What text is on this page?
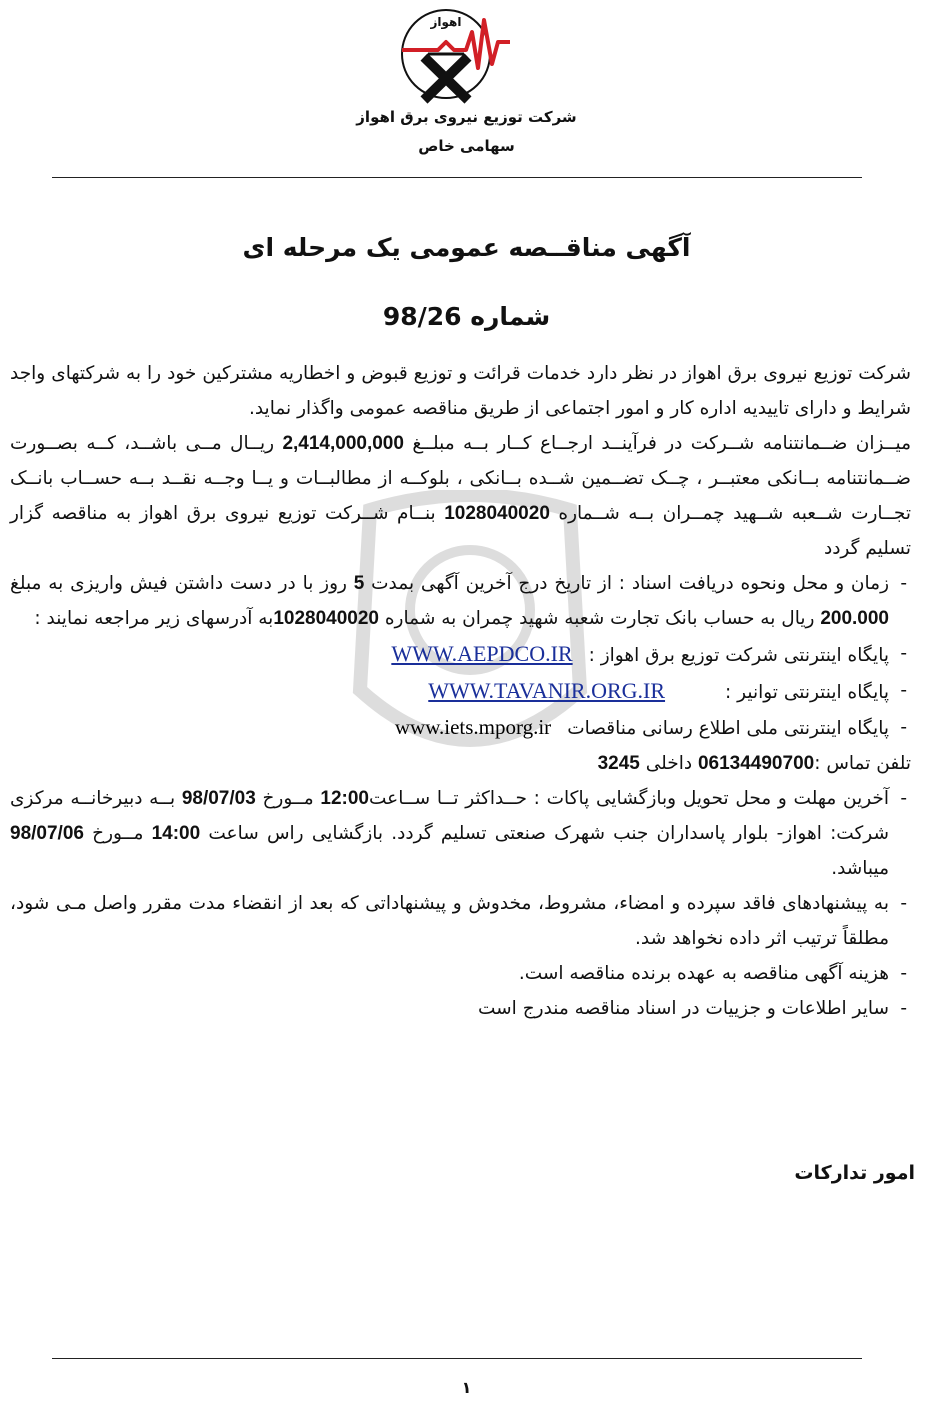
اهواز
شرکت توزیع نیروی برق اهواز
سهامی خاص
آگهی مناقــصه عمومی یک مرحله ای
شماره 98/26

شرکت توزیع نیروی برق اهواز در نظر دارد خدمات قرائت و توزیع قبوض و اخطاریه مشترکین خود را به شرکتهای واجد شرایط و دارای تاییدیه اداره کار و امور اجتماعی از طریق مناقصه عمومی واگذار نماید.

میــزان ضــمانتنامه شــرکت در فرآینــد ارجــاع کــار بــه مبلــغ 2,414,000,000 ریــال مــی باشــد، کــه بصــورت ضــمانتنامه بــانکی معتبــر ، چــک تضــمین شــده بــانکی ، بلوکــه از مطالبــات و یــا وجــه نقــد بــه حســاب بانــک تجــارت شــعبه شــهید چمــران بــه شــماره 1028040020 بنــام شــرکت توزیع نیروی برق اهواز به مناقصه گزار تسلیم گردد

- زمان و محل ونحوه دریافت اسناد : از تاریخ درج آخرین آگهی بمدت 5 روز با در دست داشتن فیش واریزی به مبلغ 200.000 ریال به حساب بانک تجارت شعبه شهید چمران به شماره 1028040020به آدرسهای زیر مراجعه نمایند :

- پایگاه اینترنتی شرکت توزیع برق اهواز :
WWW.AEPDCO.IR
- پایگاه اینترنتی توانیر :
WWW.TAVANIR.ORG.IR
- پایگاه اینترنتی ملی اطلاع رسانی مناقصات
www.iets.mporg.ir

تلفن تماس :06134490700 داخلی 3245

- آخرین مهلت و محل تحویل وبازگشایی پاکات : حــداکثر تــا ســاعت12:00 مــورخ 98/07/03 بــه دبیرخانــه مرکزی شرکت: اهواز- بلوار پاسداران جنب شهرک صنعتی تسلیم گردد. بازگشایی راس ساعت 14:00 مــورخ 98/07/06 میباشد.

- به پیشنهادهای فاقد سپرده و امضاء، مشروط، مخدوش و پیشنهاداتی که بعد از انقضاء مدت مقرر واصل مـی شود، مطلقاً ترتیب اثر داده نخواهد شد.

- هزینه آگهی مناقصه به عهده برنده مناقصه است.

- سایر اطلاعات و جزییات در اسناد مناقصه مندرج است

امور تدارکات
۱
